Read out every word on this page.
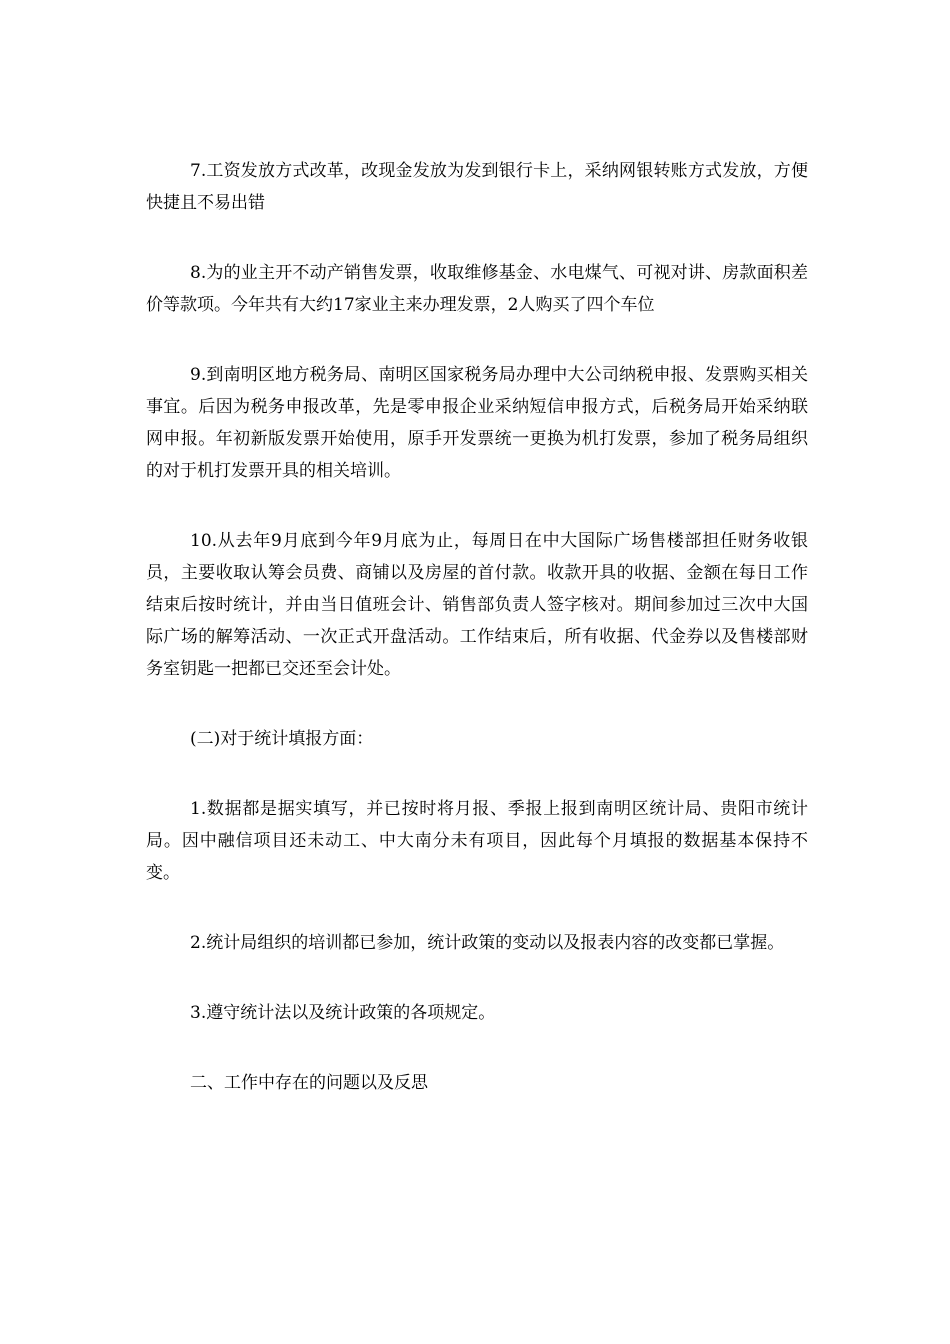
7.工资发放方式改革，改现金发放为发到银行卡上，采纳网银转账方式发放，方便快捷且不易出错

8.为的业主开不动产销售发票，收取维修基金、水电煤气、可视对讲、房款面积差价等款项。今年共有大约17家业主来办理发票，2人购买了四个车位

9.到南明区地方税务局、南明区国家税务局办理中大公司纳税申报、发票购买相关事宜。后因为税务申报改革，先是零申报企业采纳短信申报方式，后税务局开始采纳联网申报。年初新版发票开始使用，原手开发票统一更换为机打发票，参加了税务局组织的对于机打发票开具的相关培训。

10.从去年9月底到今年9月底为止，每周日在中大国际广场售楼部担任财务收银员，主要收取认筹会员费、商铺以及房屋的首付款。收款开具的收据、金额在每日工作结束后按时统计，并由当日值班会计、销售部负责人签字核对。期间参加过三次中大国际广场的解筹活动、一次正式开盘活动。工作结束后，所有收据、代金券以及售楼部财务室钥匙一把都已交还至会计处。

(二)对于统计填报方面：

1.数据都是据实填写，并已按时将月报、季报上报到南明区统计局、贵阳市统计局。因中融信项目还未动工、中大南分未有项目，因此每个月填报的数据基本保持不变。

2.统计局组织的培训都已参加，统计政策的变动以及报表内容的改变都已掌握。

3.遵守统计法以及统计政策的各项规定。

二、工作中存在的问题以及反思
